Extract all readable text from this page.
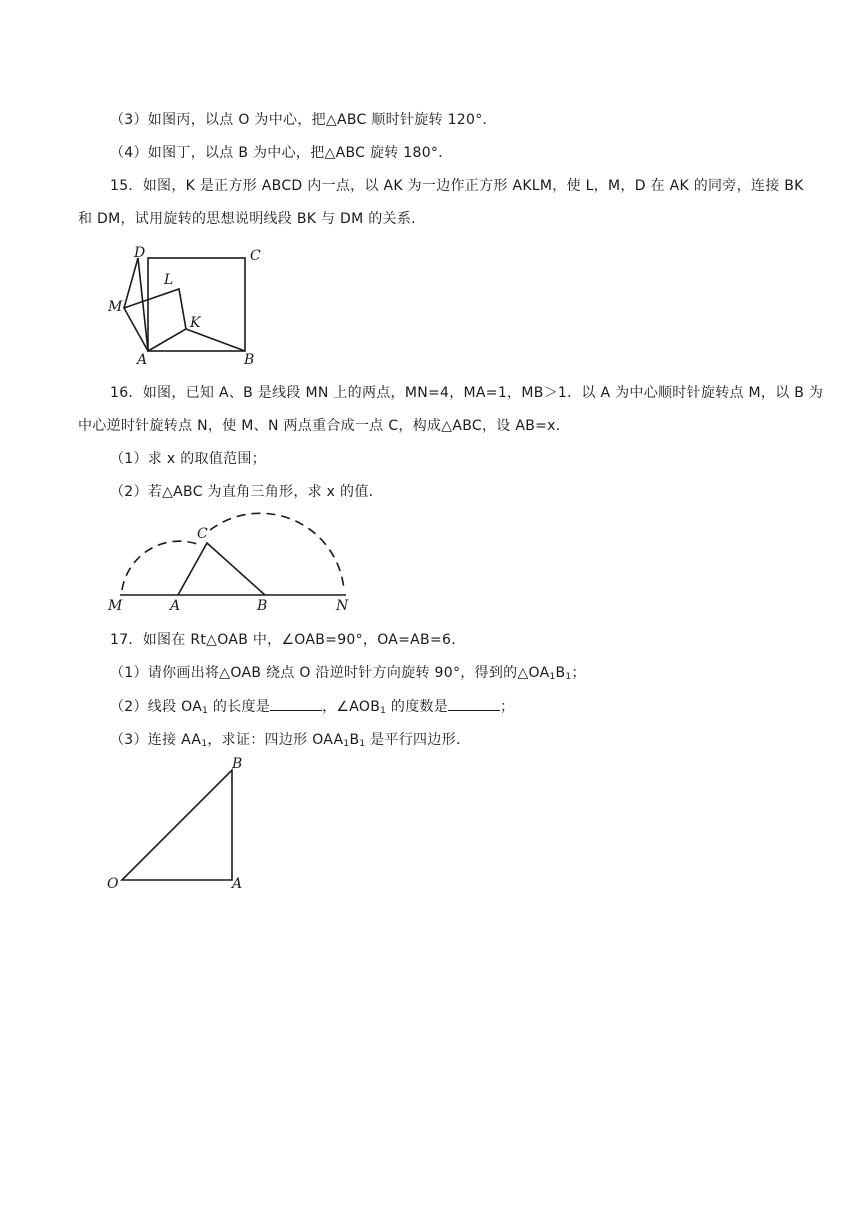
（3）如图丙，以点 O 为中心，把△ABC 顺时针旋转 120°．
（4）如图丁，以点 B 为中心，把△ABC 旋转 180°．
15．如图，K 是正方形 ABCD 内一点，以 AK 为一边作正方形 AKLM，使 L，M，D 在 AK 的同旁，连接 BK
和 DM，试用旋转的思想说明线段 BK 与 DM 的关系．
D	C
L
M
K
A	B
16．如图，已知 A、B 是线段 MN 上的两点，MN=4，MA=1，MB＞1．以 A 为中心顺时针旋转点 M，以 B 为
中心逆时针旋转点 N，使 M、N 两点重合成一点 C，构成△ABC，设 AB=x．
（1）求 x 的取值范围；
（2）若△ABC 为直角三角形，求 x 的值．
C
M	A	B	N
17．如图在 Rt△OAB 中，∠OAB=90°，OA=AB=6．
（1）请你画出将△OAB 绕点 O 沿逆时针方向旋转 90°，得到的$\triangle OA_1B_1$；
（2）线段 $OA_1$ 的长度是	，$\angle AOB_1$ 的度数是	；
（3）连接 $AA_1$，求证：四边形 $OAA_1B_1$ 是平行四边形．
B
O	A
